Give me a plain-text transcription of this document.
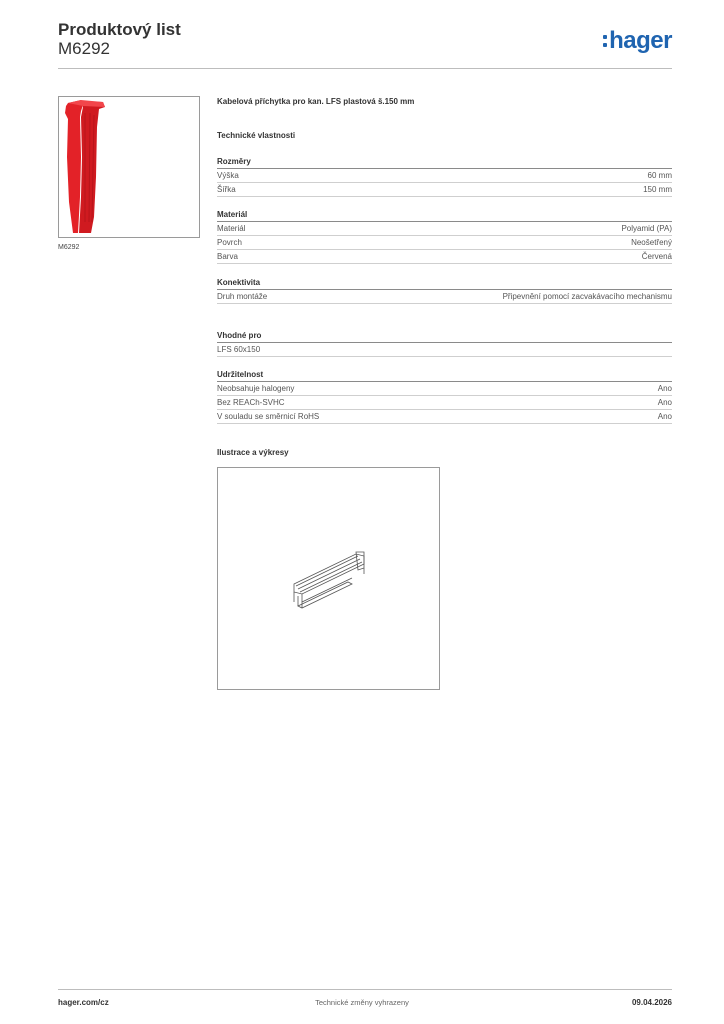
Produktový list
M6292	hager
M6292
Kabelová příchytka pro kan. LFS plastová š.150 mm
Technické vlastnosti
Rozměry
Výška	60 mm
Šířka	150 mm
Materiál
Materiál	Polyamid (PA)
Povrch	Neošetřený
Barva	Červená
Konektivita
Druh montáže	Připevnění pomocí zacvakávacího mechanismu
Vhodné pro
LFS 60x150
Udržitelnost
Neobsahuje halogeny	Ano
Bez REACh-SVHC	Ano
V souladu se směrnicí RoHS	Ano
Ilustrace a výkresy
hager.com/cz	Technické změny vyhrazeny	09.04.2026
